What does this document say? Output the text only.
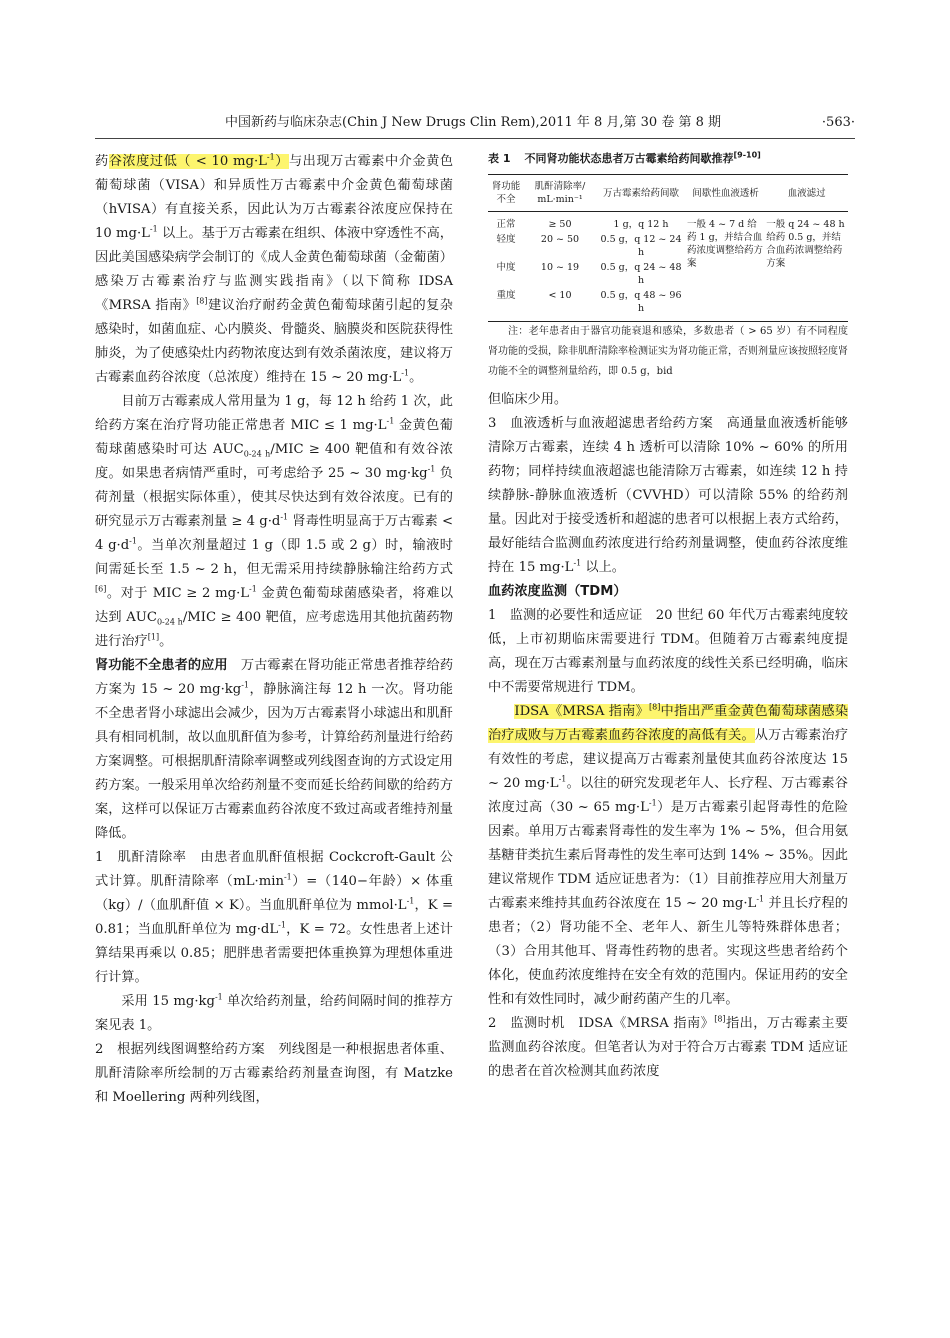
中国新药与临床杂志(Chin J New Drugs Clin Rem),2011 年 8 月,第 30 卷 第 8 期	·563·

药谷浓度过低（ < 10 $mg\cdot L^{-1}$）与出现万古霉素中介金黄色葡萄球菌（VISA）和异质性万古霉素中介金黄色葡萄球菌（hVISA）有直接关系，因此认为万古霉素谷浓度应保持在 10 $mg\cdot L^{-1}$ 以上。基于万古霉素在组织、体液中穿透性不高，因此美国感染病学会制订的《成人金黄色葡萄球菌（金葡菌）感染万古霉素治疗与监测实践指南》（以下简称 IDSA《MRSA 指南》[8]建议治疗耐药金黄色葡萄球菌引起的复杂感染时，如菌血症、心内膜炎、骨髓炎、脑膜炎和医院获得性肺炎，为了使感染灶内药物浓度达到有效杀菌浓度，建议将万古霉素血药谷浓度（总浓度）维持在 15 ~ 20 $mg\cdot L^{-1}$。

目前万古霉素成人常用量为 1 g，每 12 h 给药 1 次，此给药方案在治疗肾功能正常患者 MIC ≤ 1 $mg\cdot L^{-1}$ 金黄色葡萄球菌感染时可达 $AUC_{0-24 h}$/MIC ≥ 400 靶值和有效谷浓度。如果患者病情严重时，可考虑给予 25 ~ 30 $mg\cdot kg^{-1}$ 负荷剂量（根据实际体重），使其尽快达到有效谷浓度。已有的研究显示万古霉素剂量 ≥ 4 $g\cdot d^{-1}$ 肾毒性明显高于万古霉素 < 4 $g\cdot d^{-1}$。当单次剂量超过 1 g（即 1.5 或 2 g）时，输液时间需延长至 1.5 ~ 2 h，但无需采用持续静脉输注给药方式[6]。对于 MIC ≥ 2 $mg\cdot L^{-1}$ 金黄色葡萄球菌感染者，将难以达到 $AUC_{0-24 h}$/MIC ≥ 400 靶值，应考虑选用其他抗菌药物进行治疗[1]。

肾功能不全患者的应用　万古霉素在肾功能正常患者推荐给药方案为 15 ~ 20 $mg\cdot kg^{-1}$，静脉滴注每 12 h 一次。肾功能不全患者肾小球滤出会减少，因为万古霉素肾小球滤出和肌酐具有相同机制，故以血肌酐值为参考，计算给药剂量进行给药方案调整。可根据肌酐清除率调整或列线图查询的方式设定用药方案。一般采用单次给药剂量不变而延长给药间歇的给药方案，这样可以保证万古霉素血药谷浓度不致过高或者维持剂量降低。

1　肌酐清除率　由患者血肌酐值根据 Cockcroft-Gault 公式计算。肌酐清除率$(mL\cdot\min^{-1})=(140-$年龄）× 体重（kg）/（血肌酐值 × K）。当血肌酐单位为 $mmol\cdot L^{-1}$，K = 0.81；当血肌酐单位为 $mg\cdot dL^{-1}$，K = 72。女性患者上述计算结果再乘以 0.85；肥胖患者需要把体重换算为理想体重进行计算。

采用 15 $mg\cdot kg^{-1}$ 单次给药剂量，给药间隔时间的推荐方案见表 1。

2　根据列线图调整给药方案　列线图是一种根据患者体重、肌酐清除率所绘制的万古霉素给药剂量查询图，有 Matzke 和 Moellering 两种列线图，

表 1 不同肾功能状态患者万古霉素给药间歇推荐[9-10]
肾功能不全	肌酐清除率/ mL·min⁻¹	万古霉素给药间歇	间歇性血液透析	血液滤过
正常	≥ 50	1 g，q 12 h	一般 4 ~ 7 d 给药 1 g，并结合血药浓度调整给药方案	一般 q 24 ~ 48 h 给药 0.5 g，并结合血药浓调整给药方案
轻度	20 ~ 50	0.5 g，q 12 ~ 24 h		
中度	10 ~ 19	0.5 g，q 24 ~ 48 h		
重度	< 10	0.5 g，q 48 ~ 96 h		

注：老年患者由于器官功能衰退和感染，多数患者（ > 65 岁）有不同程度肾功能的受损，除非肌酐清除率检测证实为肾功能正常，否则剂量应该按照轻度肾功能不全的调整剂量给药，即 0.5 g，bid

但临床少用。

3　血液透析与血液超滤患者给药方案　高通量血液透析能够清除万古霉素，连续 4 h 透析可以清除 10% ~ 60% 的所用药物；同样持续血液超滤也能清除万古霉素，如连续 12 h 持续静脉-静脉血液透析（CVVHD）可以清除 55% 的给药剂量。因此对于接受透析和超滤的患者可以根据上表方式给药，最好能结合监测血药浓度进行给药剂量调整，使血药谷浓度维持在 15 $mg\cdot L^{-1}$ 以上。

血药浓度监测（TDM）

1　监测的必要性和适应证　20 世纪 60 年代万古霉素纯度较低，上市初期临床需要进行 TDM。但随着万古霉素纯度提高，现在万古霉素剂量与血药浓度的线性关系已经明确，临床中不需要常规进行 TDM。

IDSA《MRSA 指南》[8]中指出严重金黄色葡萄球菌感染治疗成败与万古霉素血药谷浓度的高低有关。从万古霉素治疗有效性的考虑，建议提高万古霉素剂量使其血药谷浓度达 15 ~ 20 $mg\cdot L^{-1}$。以往的研究发现老年人、长疗程、万古霉素谷浓度过高（30 ~ 65 $mg\cdot L^{-1}$）是万古霉素引起肾毒性的危险因素。单用万古霉素肾毒性的发生率为 1% ~ 5%，但合用氨基糖苷类抗生素后肾毒性的发生率可达到 14% ~ 35%。因此建议常规作 TDM 适应证患者为：（1）目前推荐应用大剂量万古霉素来维持其血药谷浓度在 15 ~ 20 $mg\cdot L^{-1}$ 并且长疗程的患者；（2）肾功能不全、老年人、新生儿等特殊群体患者；（3）合用其他耳、肾毒性药物的患者。实现这些患者给药个体化，使血药浓度维持在安全有效的范围内。保证用药的安全性和有效性同时，减少耐药菌产生的几率。

2　监测时机　IDSA《MRSA 指南》[8]指出，万古霉素主要监测血药谷浓度。但笔者认为对于符合万古霉素 TDM 适应证的患者在首次检测其血药浓度
